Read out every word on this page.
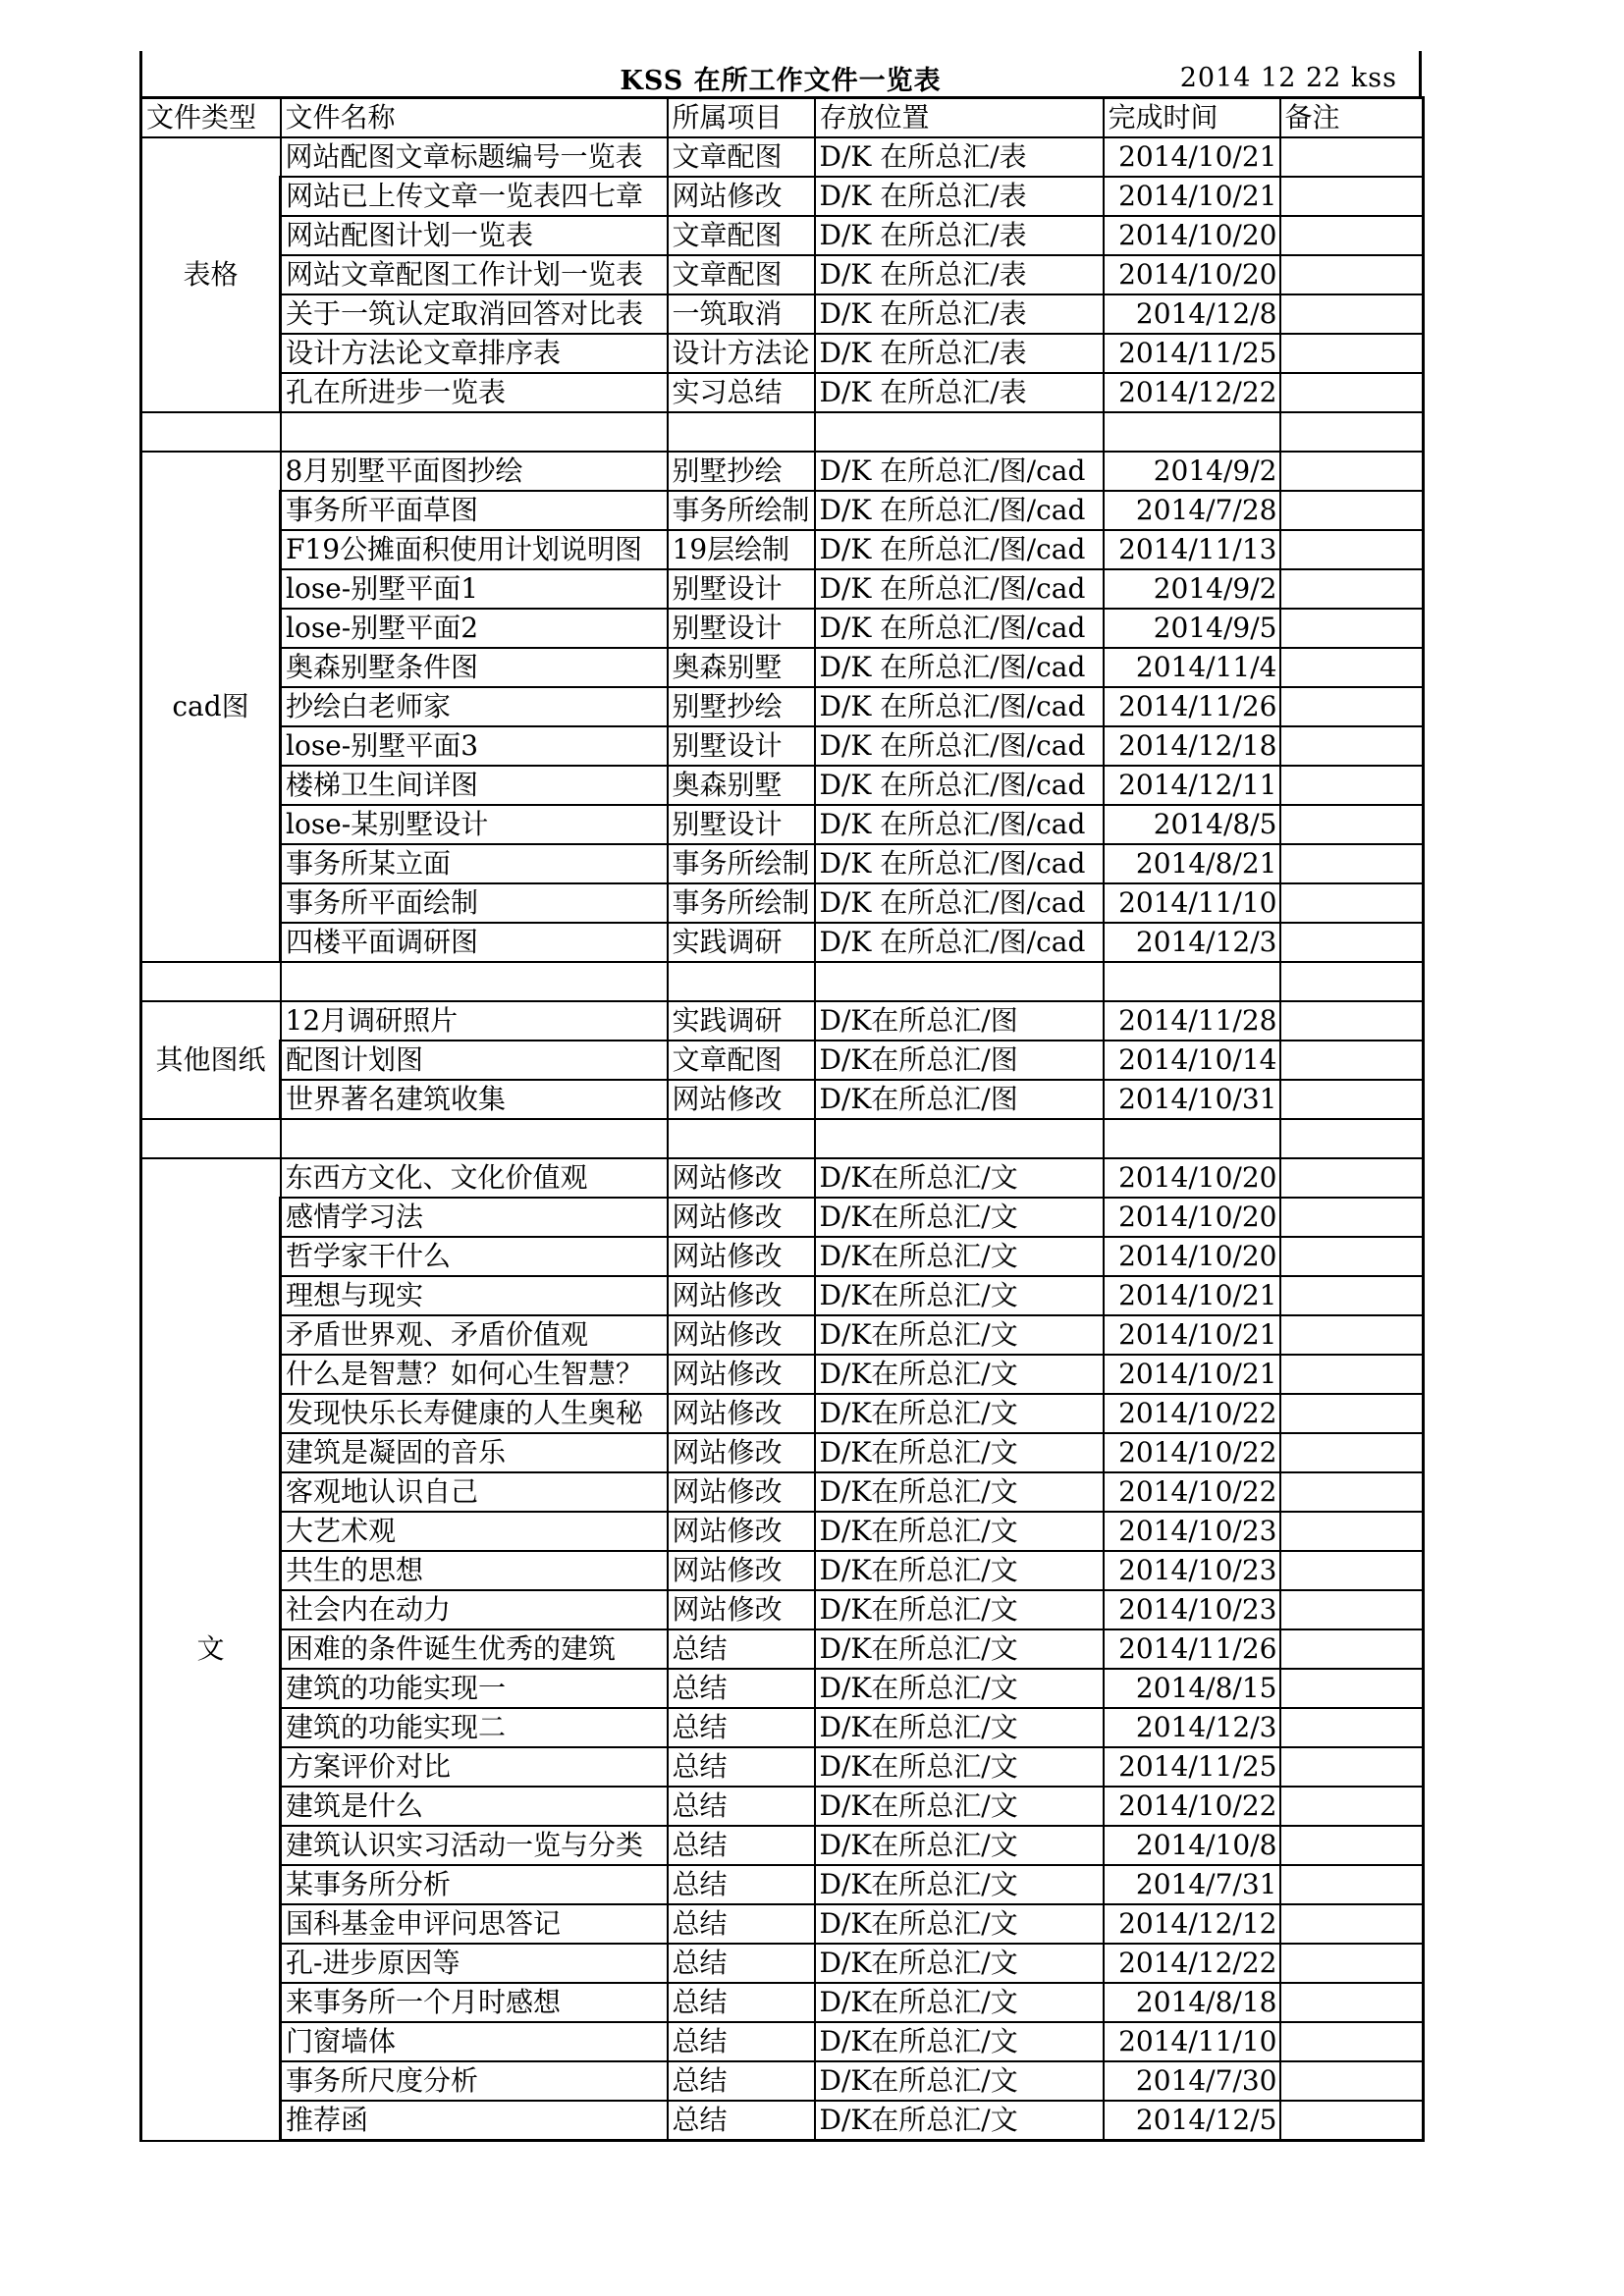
KSS 在所工作文件一览表	2014 12 22 kss
文件类型	文件名称	所属项目	存放位置	完成时间	备注
表格	网站配图文章标题编号一览表	文章配图	D/K 在所总汇/表	2014/10/21	
	网站已上传文章一览表四七章	网站修改	D/K 在所总汇/表	2014/10/21	
	网站配图计划一览表	文章配图	D/K 在所总汇/表	2014/10/20	
	网站文章配图工作计划一览表	文章配图	D/K 在所总汇/表	2014/10/20	
	关于一筑认定取消回答对比表	一筑取消	D/K 在所总汇/表	2014/12/8	
	设计方法论文章排序表	设计方法论	D/K 在所总汇/表	2014/11/25	
	孔在所进步一览表	实习总结	D/K 在所总汇/表	2014/12/22	

cad图	8月别墅平面图抄绘	别墅抄绘	D/K 在所总汇/图/cad	2014/9/2	
	事务所平面草图	事务所绘制	D/K 在所总汇/图/cad	2014/7/28	
	F19公摊面积使用计划说明图	19层绘制	D/K 在所总汇/图/cad	2014/11/13	
	lose-别墅平面1	别墅设计	D/K 在所总汇/图/cad	2014/9/2	
	lose-别墅平面2	别墅设计	D/K 在所总汇/图/cad	2014/9/5	
	奥森别墅条件图	奥森别墅	D/K 在所总汇/图/cad	2014/11/4	
	抄绘白老师家	别墅抄绘	D/K 在所总汇/图/cad	2014/11/26	
	lose-别墅平面3	别墅设计	D/K 在所总汇/图/cad	2014/12/18	
	楼梯卫生间详图	奥森别墅	D/K 在所总汇/图/cad	2014/12/11	
	lose-某别墅设计	别墅设计	D/K 在所总汇/图/cad	2014/8/5	
	事务所某立面	事务所绘制	D/K 在所总汇/图/cad	2014/8/21	
	事务所平面绘制	事务所绘制	D/K 在所总汇/图/cad	2014/11/10	
	四楼平面调研图	实践调研	D/K 在所总汇/图/cad	2014/12/3	

其他图纸	12月调研照片	实践调研	D/K在所总汇/图	2014/11/28	
	配图计划图	文章配图	D/K在所总汇/图	2014/10/14	
	世界著名建筑收集	网站修改	D/K在所总汇/图	2014/10/31	

文	东西方文化、文化价值观	网站修改	D/K在所总汇/文	2014/10/20	
	感情学习法	网站修改	D/K在所总汇/文	2014/10/20	
	哲学家干什么	网站修改	D/K在所总汇/文	2014/10/20	
	理想与现实	网站修改	D/K在所总汇/文	2014/10/21	
	矛盾世界观、矛盾价值观	网站修改	D/K在所总汇/文	2014/10/21	
	什么是智慧？如何心生智慧？	网站修改	D/K在所总汇/文	2014/10/21	
	发现快乐长寿健康的人生奥秘	网站修改	D/K在所总汇/文	2014/10/22	
	建筑是凝固的音乐	网站修改	D/K在所总汇/文	2014/10/22	
	客观地认识自己	网站修改	D/K在所总汇/文	2014/10/22	
	大艺术观	网站修改	D/K在所总汇/文	2014/10/23	
	共生的思想	网站修改	D/K在所总汇/文	2014/10/23	
	社会内在动力	网站修改	D/K在所总汇/文	2014/10/23	
	困难的条件诞生优秀的建筑	总结	D/K在所总汇/文	2014/11/26	
	建筑的功能实现一	总结	D/K在所总汇/文	2014/8/15	
	建筑的功能实现二	总结	D/K在所总汇/文	2014/12/3	
	方案评价对比	总结	D/K在所总汇/文	2014/11/25	
	建筑是什么	总结	D/K在所总汇/文	2014/10/22	
	建筑认识实习活动一览与分类	总结	D/K在所总汇/文	2014/10/8	
	某事务所分析	总结	D/K在所总汇/文	2014/7/31	
	国科基金申评问思答记	总结	D/K在所总汇/文	2014/12/12	
	孔-进步原因等	总结	D/K在所总汇/文	2014/12/22	
	来事务所一个月时感想	总结	D/K在所总汇/文	2014/8/18	
	门窗墙体	总结	D/K在所总汇/文	2014/11/10	
	事务所尺度分析	总结	D/K在所总汇/文	2014/7/30	
	推荐函	总结	D/K在所总汇/文	2014/12/5	
